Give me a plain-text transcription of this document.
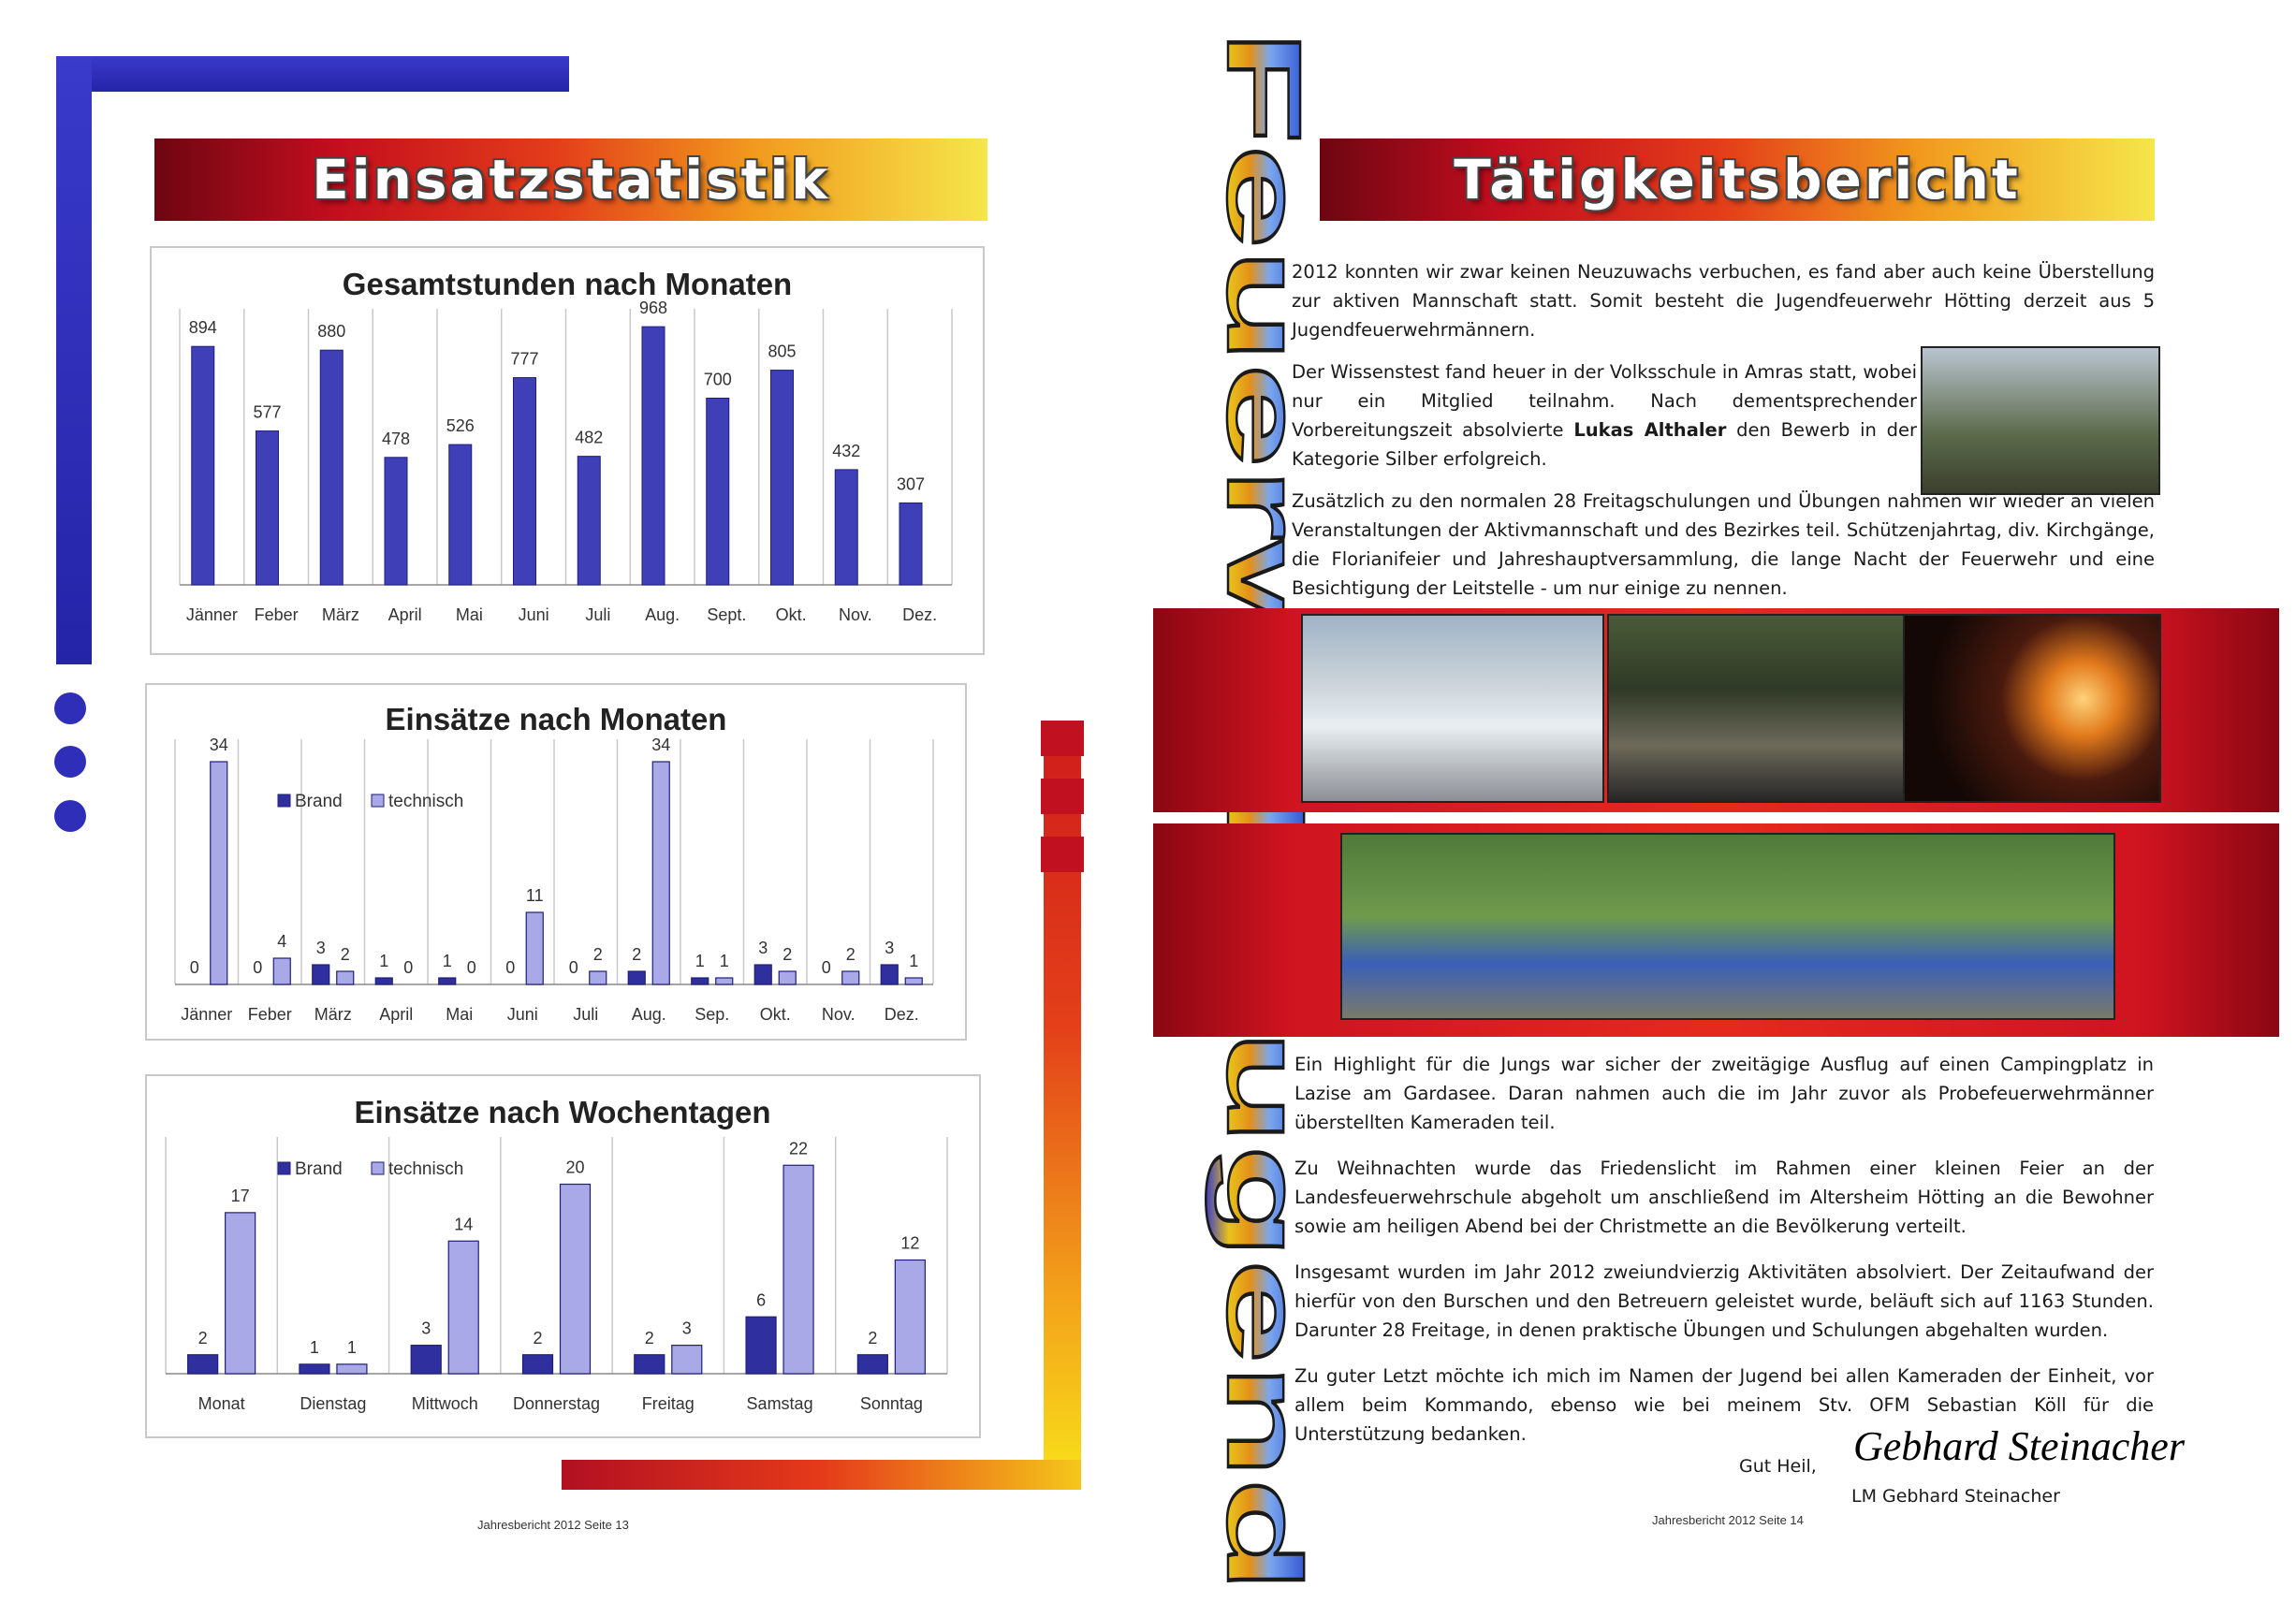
Einsatzstatistik
Gesamtstunden nach Monaten
Jänner Feber März April Mai Juni Juli Aug. Sept. Okt. Nov. Dez.
894
577
880
478
526
777
482
968
700
805
432
307
Einsätze nach Monaten
Jänner Feber März April Mai Juni Juli Aug. Sep. Okt. Nov. Dez.
0	0
3
1	1	0	0
2	1
3
0
3
34
4
2
0	0
11
2
34
1	2	2	1
Brand	technisch
Einsätze nach Wochentagen
Monat	Dienstag	Mittwoch Donnerstag Freitag	Samstag	Sonntag
2
1
3
2	2
6
2
17
1
14
20
3
22
12
Brand	technisch
Jahresbericht 2012 Seite 13
Feuerwehrjugend Tätigkeitsbericht

2012 konnten wir zwar keinen Neuzuwachs verbuchen, es fand aber auch keine Überstellung zur aktiven Mannschaft statt. Somit besteht die Jugendfeuerwehr Hötting derzeit aus 5 Jugendfeuerwehrmännern.

Der Wissenstest fand heuer in der Volksschule in Amras statt, wobei nur ein Mitglied teilnahm. Nach dementsprechender Vorbereitungszeit absolvierte Lukas Althaler den Bewerb in der Kategorie Silber erfolgreich.

Zusätzlich zu den normalen 28 Freitagschulungen und Übungen nahmen wir wieder an vielen Veranstaltungen der Aktivmannschaft und des Bezirkes teil. Schützenjahrtag, div. Kirchgänge, die Florianifeier und Jahreshauptversammlung, die lange Nacht der Feuerwehr und eine Besichtigung der Leitstelle - um nur einige zu nennen.

Ein Highlight für die Jungs war sicher der zweitägige Ausflug auf einen Campingplatz in Lazise am Gardasee. Daran nahmen auch die im Jahr zuvor als Probefeuerwehrmänner überstellten Kameraden teil.

Zu Weihnachten wurde das Friedenslicht im Rahmen einer kleinen Feier an der Landesfeuerwehrschule abgeholt um anschließend im Altersheim Hötting an die Bewohner sowie am heiligen Abend bei der Christmette an die Bevölkerung verteilt.

Insgesamt wurden im Jahr 2012 zweiundvierzig Aktivitäten absolviert. Der Zeitaufwand der hierfür von den Burschen und den Betreuern geleistet wurde, beläuft sich auf 1163 Stunden. Darunter 28 Freitage, in denen praktische Übungen und Schulungen abgehalten wurden.

Zu guter Letzt möchte ich mich im Namen der Jugend bei allen Kameraden der Einheit, vor allem beim Kommando, ebenso wie bei meinem Stv. OFM Sebastian Köll für die Unterstützung bedanken.

Gut Heil, Gebhard Steinacher
LM Gebhard Steinacher
Jahresbericht 2012 Seite 14
